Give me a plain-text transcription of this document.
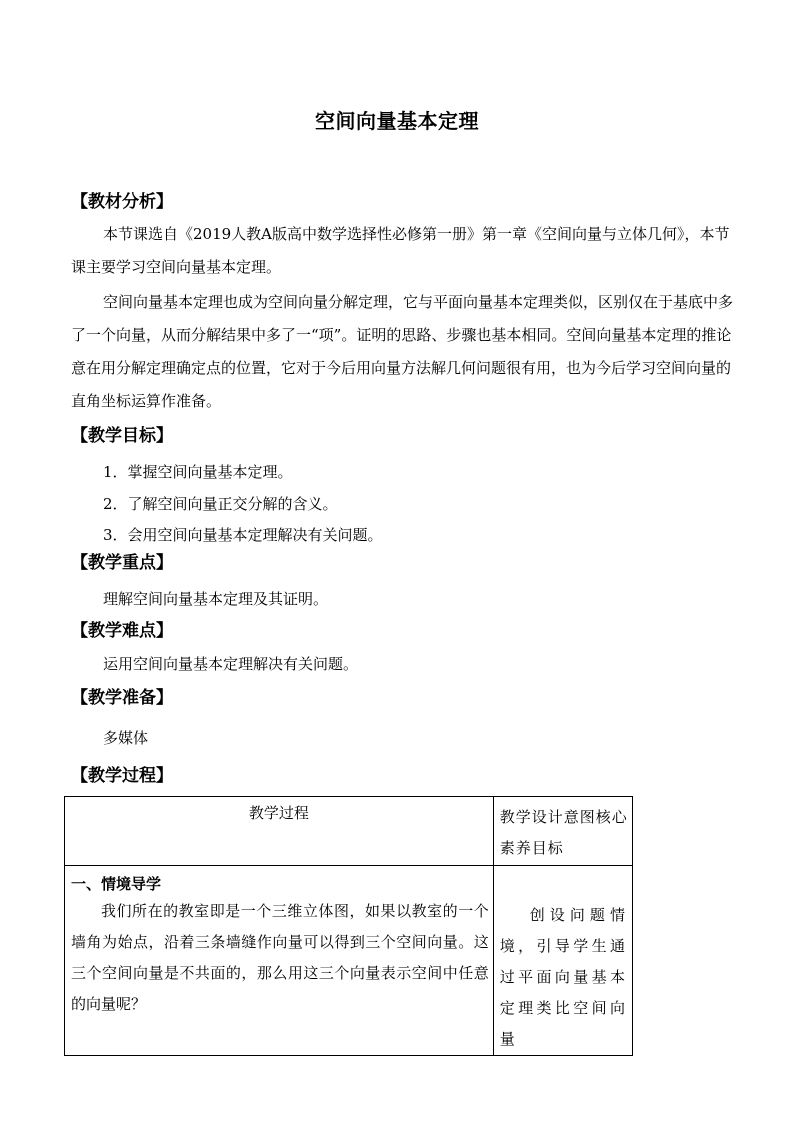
空间向量基本定理
【教材分析】
本节课选自《2019人教A版高中数学选择性必修第一册》第一章《空间向量与立体几何》，本节课主要学习空间向量基本定理。
空间向量基本定理也成为空间向量分解定理，它与平面向量基本定理类似，区别仅在于基底中多了一个向量，从而分解结果中多了一“项”。证明的思路、步骤也基本相同。空间向量基本定理的推论意在用分解定理确定点的位置，它对于今后用向量方法解几何问题很有用，也为今后学习空间向量的直角坐标运算作准备。
【教学目标】
1．掌握空间向量基本定理。
2．了解空间向量正交分解的含义。
3．会用空间向量基本定理解决有关问题。
【教学重点】
理解空间向量基本定理及其证明。
【教学难点】
运用空间向量基本定理解决有关问题。
【教学准备】
多媒体
【教学过程】
教学过程	教学设计意图核心素养目标

一、情境导学
我们所在的教室即是一个三维立体图，如果以教室的一个墙角为始点，沿着三条墙缝作向量可以得到三个空间向量。这三个空间向量是不共面的，那么用这三个向量表示空间中任意的向量呢？	创设问题情境，引导学生通过平面向量基本定理类比空间向量
